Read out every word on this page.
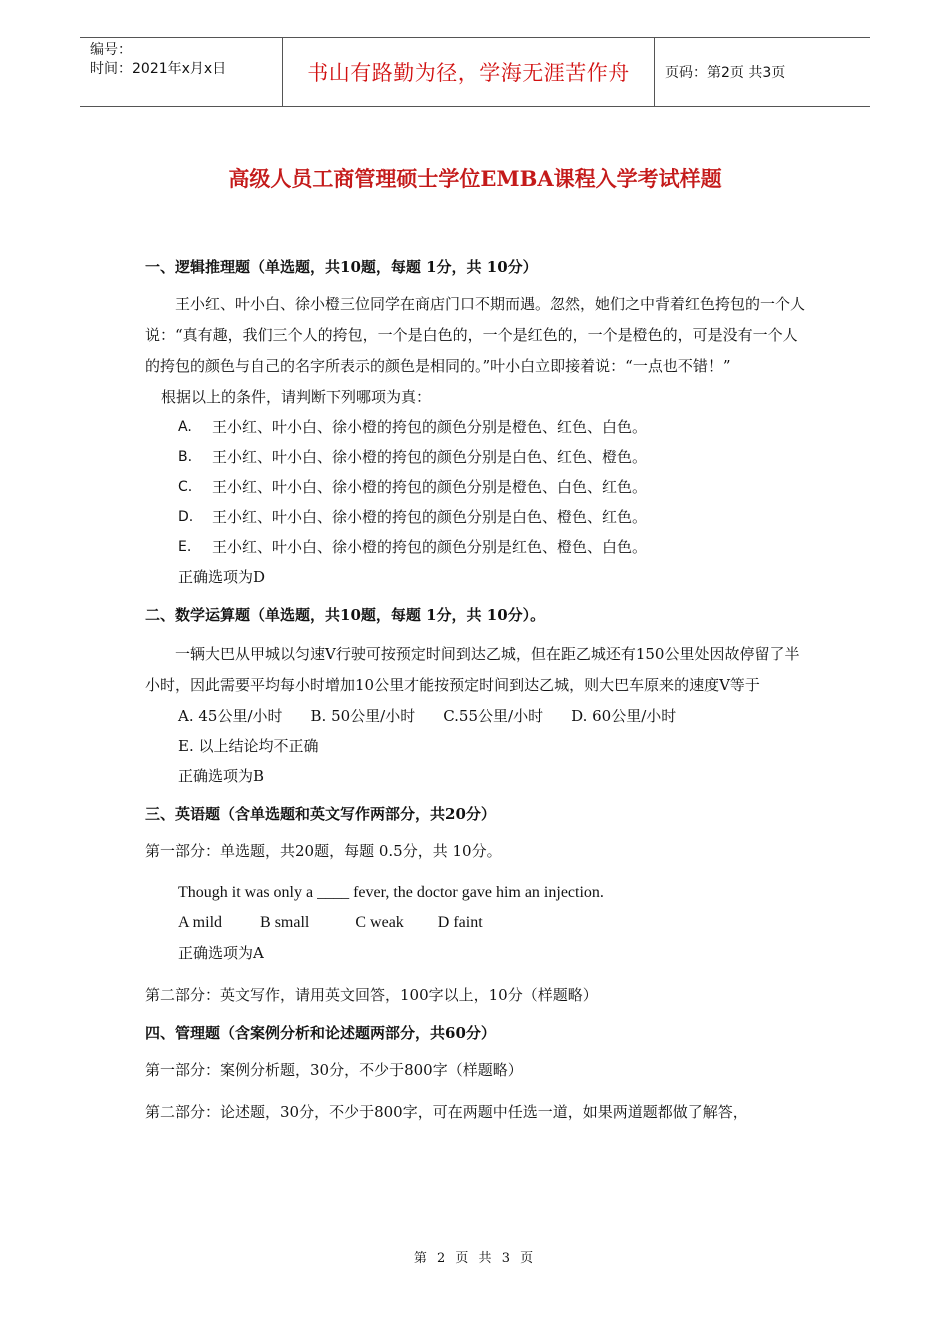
编号：
时间：2021年x月x日	书山有路勤为径，学海无涯苦作舟	页码：第2页 共3页
高级人员工商管理硕士学位EMBA课程入学考试样题

一、逻辑推理题（单选题，共10题，每题 1分，共 10分）

王小红、叶小白、徐小橙三位同学在商店门口不期而遇。忽然，她们之中背着红色挎包的一个人说：“真有趣，我们三个人的挎包，一个是白色的，一个是红色的，一个是橙色的，可是没有一个人的挎包的颜色与自己的名字所表示的颜色是相同的。”叶小白立即接着说：“一点也不错！”

根据以上的条件，请判断下列哪项为真：

A.	王小红、叶小白、徐小橙的挎包的颜色分别是橙色、红色、白色。
B.	王小红、叶小白、徐小橙的挎包的颜色分别是白色、红色、橙色。
C.	王小红、叶小白、徐小橙的挎包的颜色分别是橙色、白色、红色。
D.	王小红、叶小白、徐小橙的挎包的颜色分别是白色、橙色、红色。
E.	王小红、叶小白、徐小橙的挎包的颜色分别是红色、橙色、白色。

正确选项为D

二、数学运算题（单选题，共10题，每题 1分，共 10分）。

一辆大巴从甲城以匀速V行驶可按预定时间到达乙城，但在距乙城还有150公里处因故停留了半小时，因此需要平均每小时增加10公里才能按预定时间到达乙城，则大巴车原来的速度V等于

A. 45公里/小时 B. 50公里/小时 C.55公里/小时 D. 60公里/小时

E. 以上结论均不正确

正确选项为B

三、英语题（含单选题和英文写作两部分，共20分）

第一部分：单选题，共20题，每题 0.5分，共 10分。

Though it was only a ____ fever, the doctor gave him an injection.

A mild B small	C weak D faint

正确选项为A

第二部分：英文写作，请用英文回答，100字以上，10分（样题略）

四、管理题（含案例分析和论述题两部分，共60分）

第一部分：案例分析题，30分，不少于800字（样题略）

第二部分：论述题，30分，不少于800字，可在两题中任选一道，如果两道题都做了解答，

第 2 页 共 3 页
